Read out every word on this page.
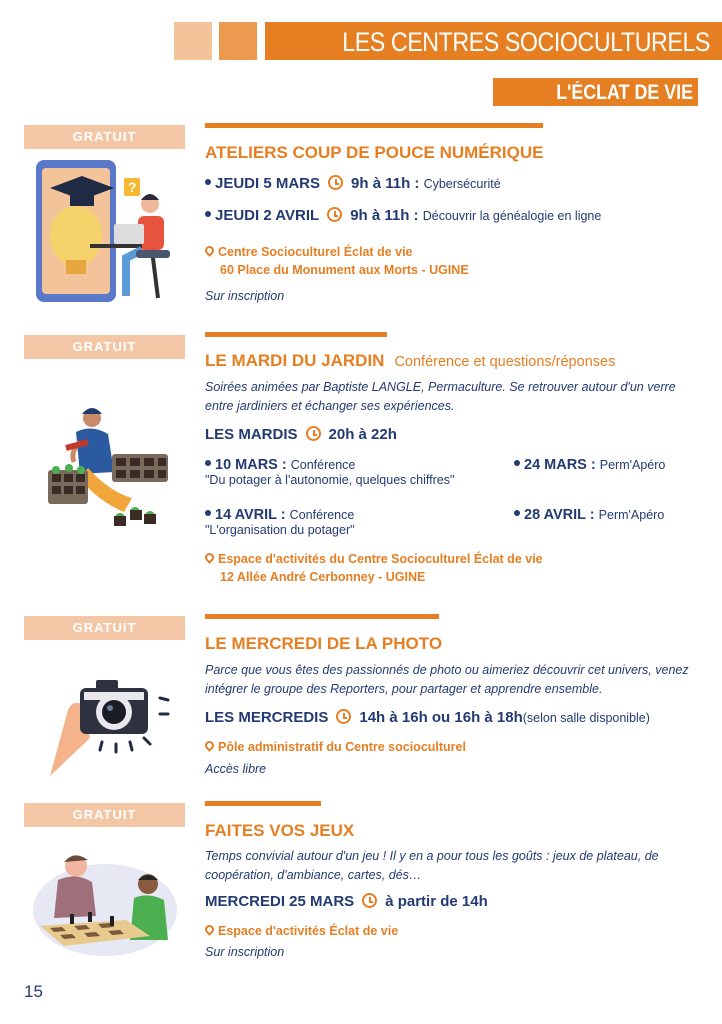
LES CENTRES SOCIOCULTURELS
L'ÉCLAT DE VIE UGINE
GRATUIT
ATELIERS COUP DE POUCE NUMÉRIQUE
?	JEUDI 5 MARS 9h à 11h : Cybersécurité
JEUDI 2 AVRIL 9h à 11h : Découvrir la généalogie en ligne
Centre Socioculturel Éclat de vie
60 Place du Monument aux Morts - UGINE
Sur inscription
GRATUIT
LE MARDI DU JARDIN Conférence et questions/réponses
Soirées animées par Baptiste LANGLE, Permaculture. Se retrouver autour d'un verre entre jardiniers et échanger ses expériences.
LES MARDIS 20h à 22h
10 MARS : Conférence
"Du potager à l'autonomie, quelques chiffres"
24 MARS : Perm'Apéro
14 AVRIL : Conférence
"L'organisation du potager"
28 AVRIL : Perm'Apéro
Espace d'activités du Centre Socioculturel Éclat de vie
12 Allée André Cerbonney - UGINE
GRATUIT
LE MERCREDI DE LA PHOTO
Parce que vous êtes des passionnés de photo ou aimeriez découvrir cet univers, venez intégrer le groupe des Reporters, pour partager et apprendre ensemble.
LES MERCREDIS 14h à 16h ou 16h à 18h(selon salle disponible)
Pôle administratif du Centre socioculturel
Accès libre
GRATUIT
FAITES VOS JEUX
Temps convivial autour d'un jeu ! Il y en a pour tous les goûts : jeux de plateau, de coopération, d'ambiance, cartes, dés…
MERCREDI 25 MARS à partir de 14h
Espace d'activités Éclat de vie
Sur inscription
15
